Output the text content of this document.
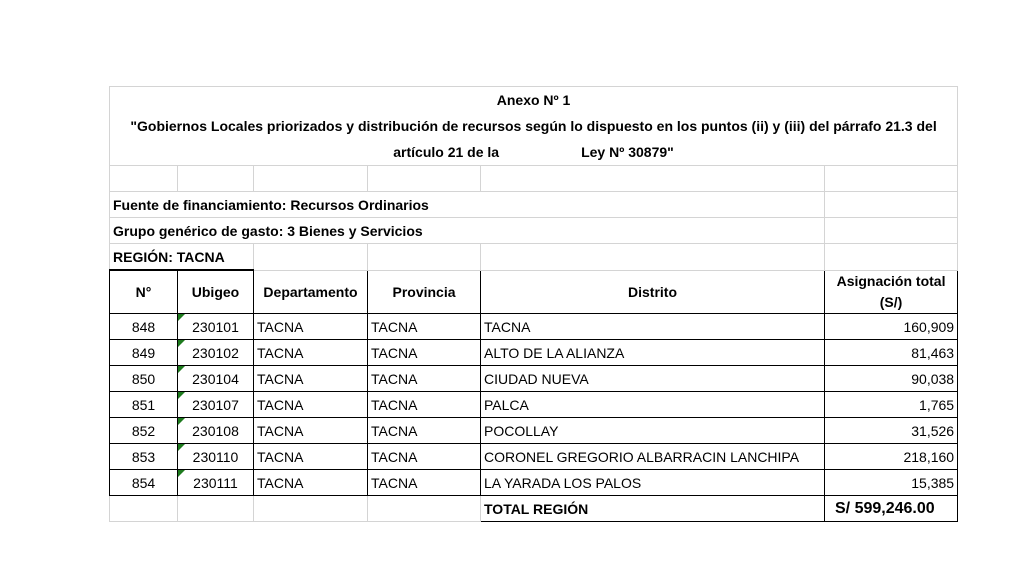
Anexo Nº 1
"Gobiernos Locales priorizados y distribución de recursos según lo dispuesto en los puntos (ii) y (iii) del párrafo 21.3 del
artículo 21 de la Ley Nº 30879"					

Fuente de financiamiento: Recursos Ordinarios					
Grupo genérico de gasto: 3 Bienes y Servicios					
REGIÓN: TACNA					
N°	Ubigeo	Departamento	Provincia	Distrito	Asignación total (S/)
848	230101	TACNA	TACNA	TACNA	160,909
849	230102	TACNA	TACNA	ALTO DE LA ALIANZA	81,463
850	230104	TACNA	TACNA	CIUDAD NUEVA	90,038
851	230107	TACNA	TACNA	PALCA	1,765
852	230108	TACNA	TACNA	POCOLLAY	31,526
853	230110	TACNA	TACNA	CORONEL GREGORIO ALBARRACIN LANCHIPA	218,160
854	230111	TACNA	TACNA	LA YARADA LOS PALOS	15,385
				TOTAL REGIÓN	S/ 599,246.00
